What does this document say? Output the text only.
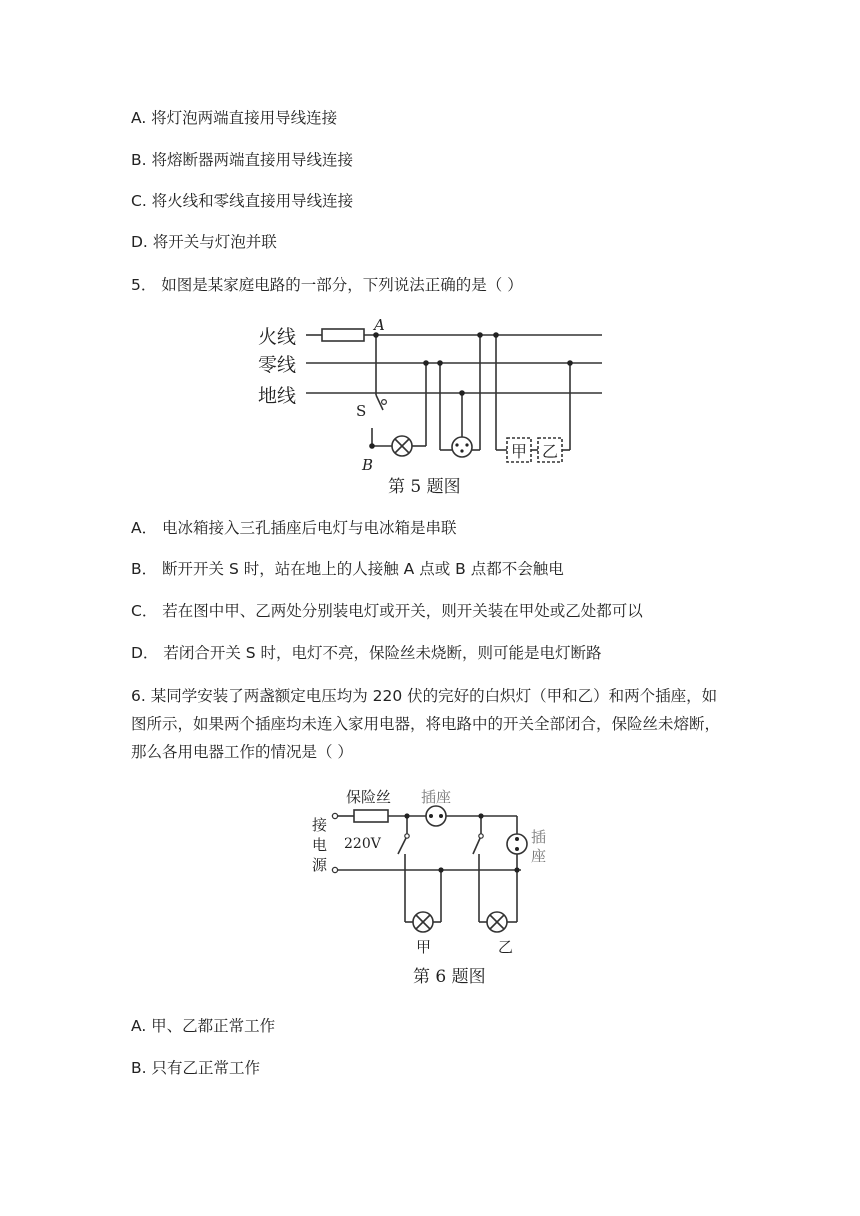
A. 将灯泡两端直接用导线连接
B. 将熔断器两端直接用导线连接
C. 将火线和零线直接用导线连接
D. 将开关与灯泡并联
5． 如图是某家庭电路的一部分，下列说法正确的是（ ）
火线
零线
地线
A
S
B
甲 乙
第 5 题图
A． 电冰箱接入三孔插座后电灯与电冰箱是串联
B． 断开开关 S 时，站在地上的人接触 A 点或 B 点都不会触电
C． 若在图中甲、乙两处分别装电灯或开关，则开关装在甲处或乙处都可以
D． 若闭合开关 S 时，电灯不亮，保险丝未烧断，则可能是电灯断路
6. 某同学安装了两盏额定电压均为 220 伏的完好的白炽灯（甲和乙）和两个插座，如
图所示，如果两个插座均未连入家用电器，将电路中的开关全部闭合，保险丝未熔断，
那么各用电器工作的情况是（ ）
保险丝 插座
220V
接
电
源
插
座
甲	乙
第 6 题图
A. 甲、乙都正常工作
B. 只有乙正常工作
